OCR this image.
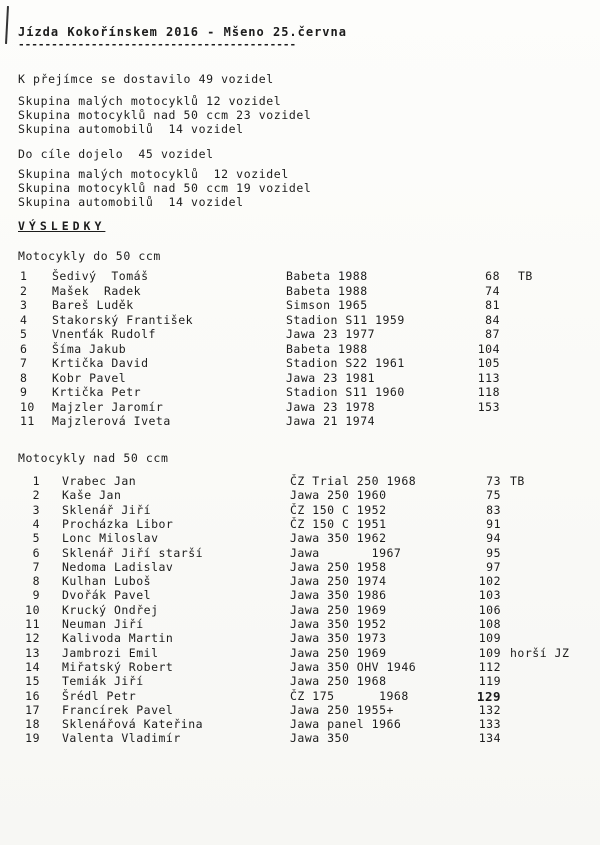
Jízda Kokořínskem 2016 - Mšeno 25.června
------------------------------------------
K přejímce se dostavilo 49 vozidel
Skupina malých motocyklů 12 vozidel
Skupina motocyklů nad 50 ccm 23 vozidel
Skupina automobilů  14 vozidel
Do cíle dojelo  45 vozidel
Skupina malých motocyklů  12 vozidel
Skupina motocyklů nad 50 ccm 19 vozidel
Skupina automobilů  14 vozidel
VÝSLEDKY
Motocykly do 50 ccm
1 Šedivý  Tomáš	Babeta 1988	68 TB
2 Mašek  Radek	Babeta 1988	74
3 Bareš Luděk	Simson 1965	81
4 Stakorský František	Stadion S11 1959	84
5 Vnenťák Rudolf	Jawa 23 1977	87
6 Šíma Jakub	Babeta 1988	104
7 Krtička David	Stadion S22 1961	105
8 Kobr Pavel	Jawa 23 1981	113
9 Krtička Petr	Stadion S11 1960	118
10 Majzler Jaromír	Jawa 23 1978	153
11 Majzlerová Iveta	Jawa 21 1974
Motocykly nad 50 ccm
1 Vrabec Jan	ČZ Trial 250 1968	73 TB
2 Kaše Jan	Jawa 250 1960	75
3 Sklenář Jiří	ČZ 150 C 1952	83
4 Procházka Libor	ČZ 150 C 1951	91
5 Lonc Miloslav	Jawa 350 1962	94
6 Sklenář Jiří starší	Jawa       1967	95
7 Nedoma Ladislav	Jawa 250 1958	97
8 Kulhan Luboš	Jawa 250 1974	102
9 Dvořák Pavel	Jawa 350 1986	103
10 Krucký Ondřej	Jawa 250 1969	106
11 Neuman Jiří	Jawa 350 1952	108
12 Kalivoda Martin	Jawa 350 1973	109
13 Jambrozi Emil	Jawa 250 1969	109 horší JZ
14 Miřatský Robert	Jawa 350 OHV 1946	112
15 Temiák Jiří	Jawa 250 1968	119
16 Šrédl Petr	ČZ 175      1968	129
17 Francírek Pavel	Jawa 250 1955+	132
18 Sklenářová Kateřina	Jawa panel 1966	133
19 Valenta Vladimír	Jawa 350	134
